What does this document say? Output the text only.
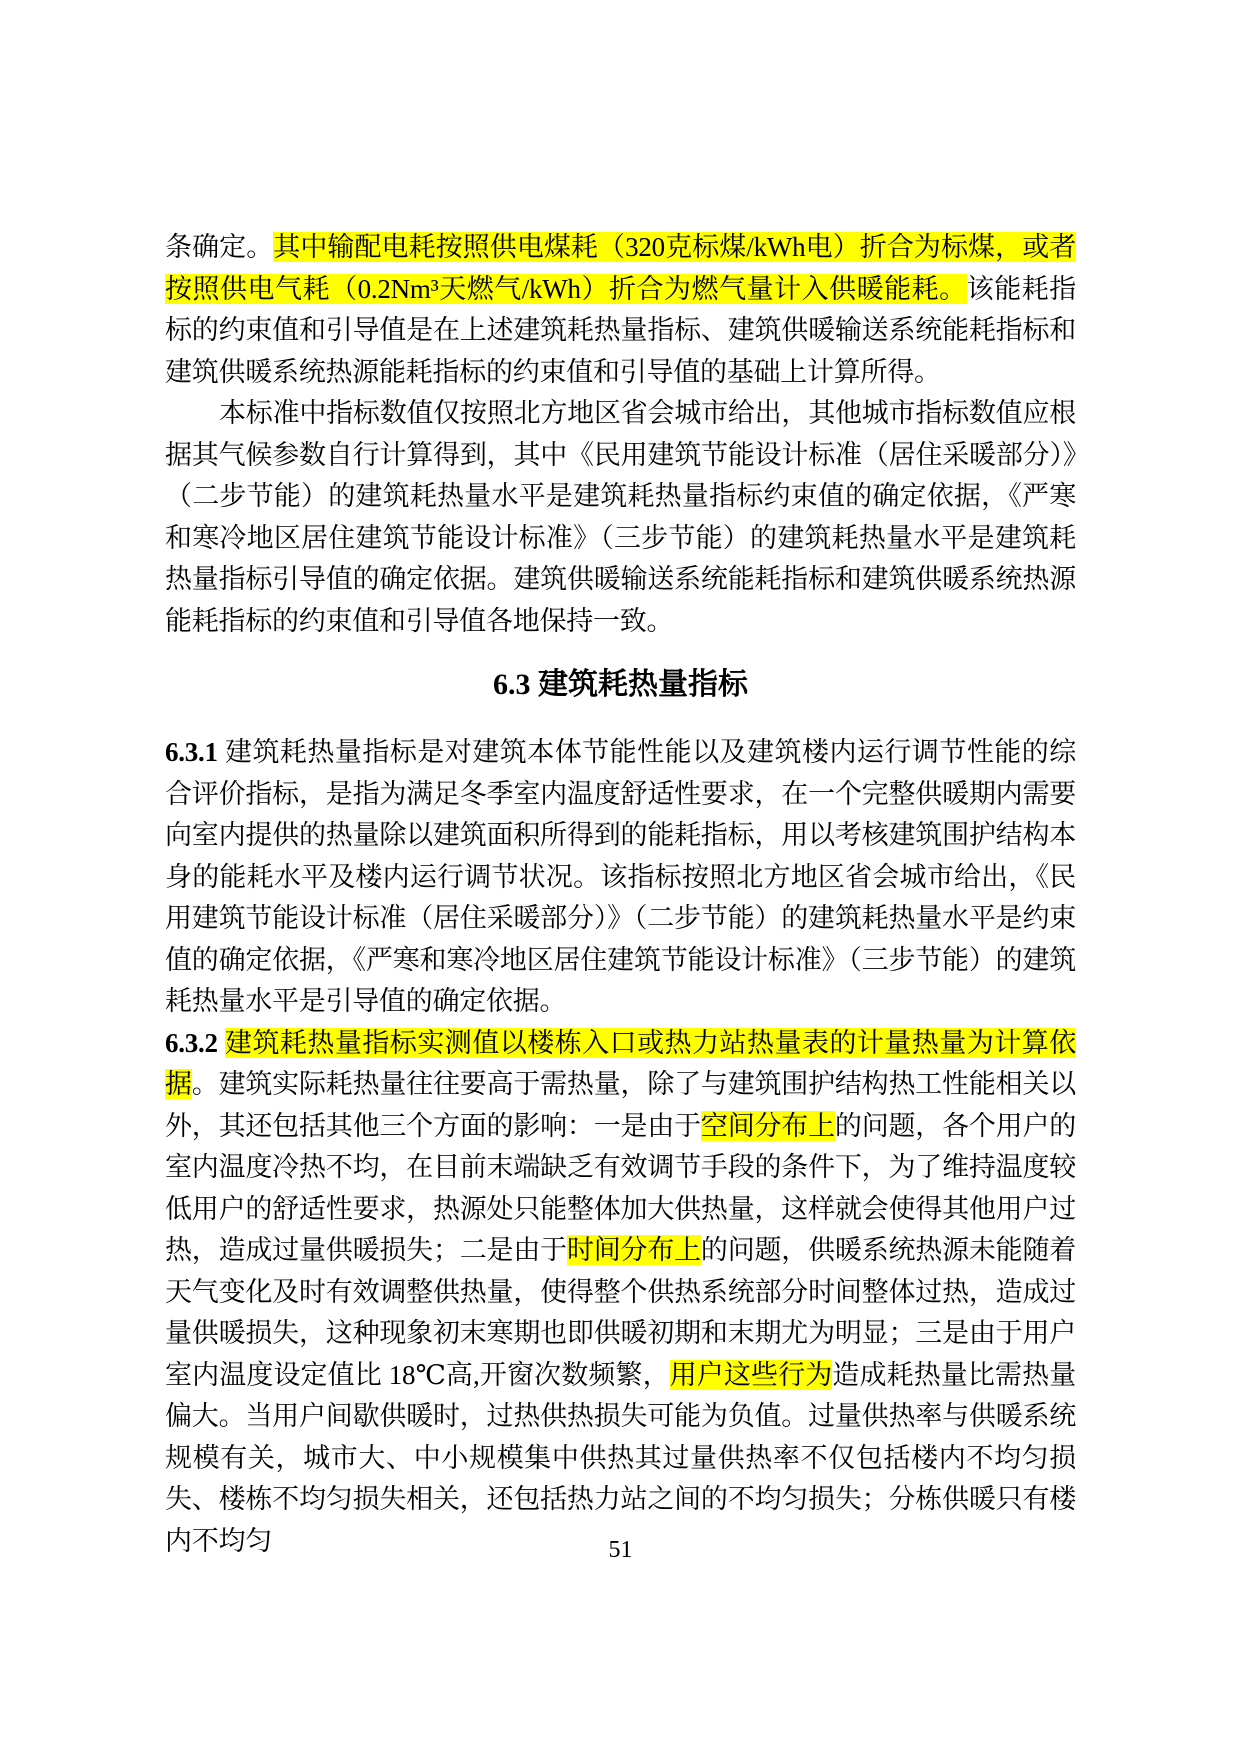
条确定。其中输配电耗按照供电煤耗（320克标煤/kWh电）折合为标煤，或者按照供电气耗（0.2Nm³天燃气/kWh）折合为燃气量计入供暖能耗。该能耗指标的约束值和引导值是在上述建筑耗热量指标、建筑供暖输送系统能耗指标和建筑供暖系统热源能耗指标的约束值和引导值的基础上计算所得。

本标准中指标数值仅按照北方地区省会城市给出，其他城市指标数值应根据其气候参数自行计算得到，其中《民用建筑节能设计标准（居住采暖部分）》（二步节能）的建筑耗热量水平是建筑耗热量指标约束值的确定依据，《严寒和寒冷地区居住建筑节能设计标准》（三步节能）的建筑耗热量水平是建筑耗热量指标引导值的确定依据。建筑供暖输送系统能耗指标和建筑供暖系统热源能耗指标的约束值和引导值各地保持一致。

6.3 建筑耗热量指标

6.3.1 建筑耗热量指标是对建筑本体节能性能以及建筑楼内运行调节性能的综合评价指标，是指为满足冬季室内温度舒适性要求，在一个完整供暖期内需要向室内提供的热量除以建筑面积所得到的能耗指标，用以考核建筑围护结构本身的能耗水平及楼内运行调节状况。该指标按照北方地区省会城市给出，《民用建筑节能设计标准（居住采暖部分）》（二步节能）的建筑耗热量水平是约束值的确定依据，《严寒和寒冷地区居住建筑节能设计标准》（三步节能）的建筑耗热量水平是引导值的确定依据。

6.3.2 建筑耗热量指标实测值以楼栋入口或热力站热量表的计量热量为计算依据。建筑实际耗热量往往要高于需热量，除了与建筑围护结构热工性能相关以外，其还包括其他三个方面的影响：一是由于空间分布上的问题，各个用户的室内温度冷热不均，在目前末端缺乏有效调节手段的条件下，为了维持温度较低用户的舒适性要求，热源处只能整体加大供热量，这样就会使得其他用户过热，造成过量供暖损失；二是由于时间分布上的问题，供暖系统热源未能随着天气变化及时有效调整供热量，使得整个供热系统部分时间整体过热，造成过量供暖损失，这种现象初末寒期也即供暖初期和末期尤为明显；三是由于用户室内温度设定值比 18℃高,开窗次数频繁，用户这些行为造成耗热量比需热量偏大。当用户间歇供暖时，过热供热损失可能为负值。过量供热率与供暖系统规模有关，城市大、中小规模集中供热其过量供热率不仅包括楼内不均匀损失、楼栋不均匀损失相关，还包括热力站之间的不均匀损失；分栋供暖只有楼内不均匀	51
